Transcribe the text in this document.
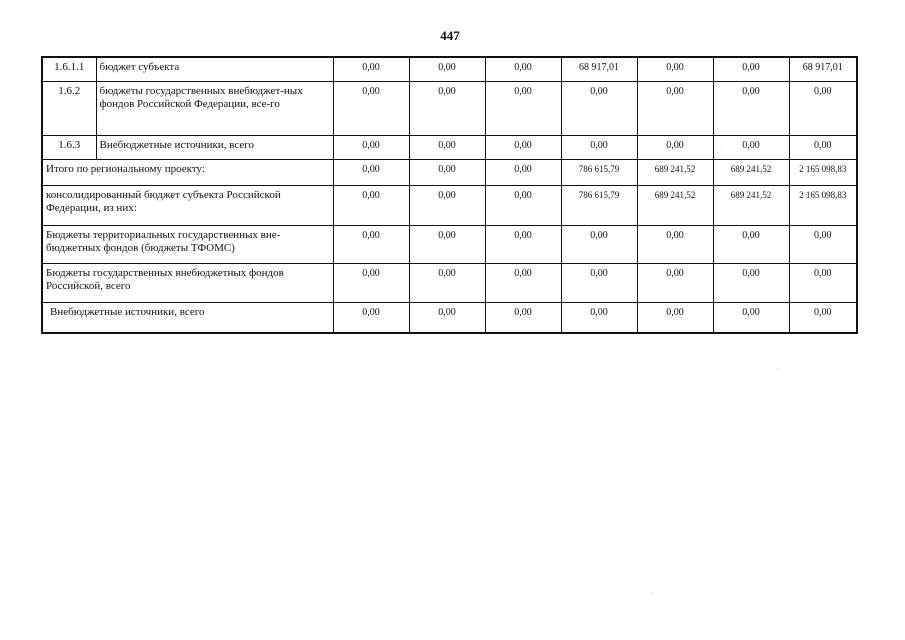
447
1.6.1.1	бюджет субъекта	0,00	0,00	0,00	68 917,01	0,00	0,00	68 917,01
1.6.2	бюджеты государственных внебюджет-ных фондов Российской Федерации, все-го	0,00	0,00	0,00	0,00	0,00	0,00	0,00
1.6.3	Внебюджетные источники, всего	0,00	0,00	0,00	0,00	0,00	0,00	0,00
Итого по региональному проекту:		0,00	0,00	0,00	786 615,79	689 241,52	689 241,52	2 165 098,83
консолидированный бюджет субъекта Российской Федерации, из них:		0,00	0,00	0,00	786 615,79	689 241,52	689 241,52	2 165 098,83
Бюджеты территориальных государственных вне-бюджетных фондов (бюджеты ТФОМС)		0,00	0,00	0,00	0,00	0,00	0,00	0,00
Бюджеты государственных внебюджетных фондов Российской, всего		0,00	0,00	0,00	0,00	0,00	0,00	0,00
Внебюджетные источники, всего		0,00	0,00	0,00	0,00	0,00	0,00	0,00
